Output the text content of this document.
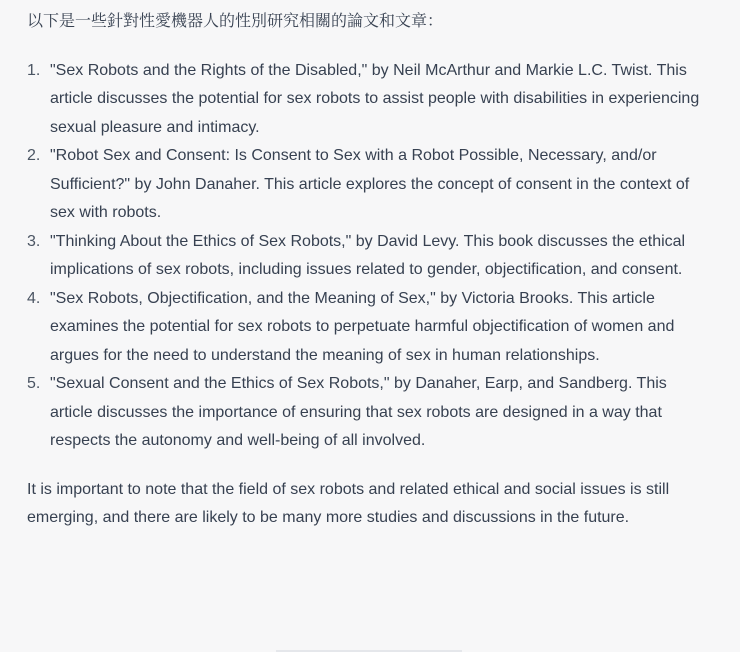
以下是一些針對性愛機器人的性別研究相關的論文和文章：

1. "Sex Robots and the Rights of the Disabled," by Neil McArthur and Markie L.C. Twist. This article discusses the potential for sex robots to assist people with disabilities in experiencing sexual pleasure and intimacy.
2. "Robot Sex and Consent: Is Consent to Sex with a Robot Possible, Necessary, and/or Sufficient?" by John Danaher. This article explores the concept of consent in the context of sex with robots.
3. "Thinking About the Ethics of Sex Robots," by David Levy. This book discusses the ethical implications of sex robots, including issues related to gender, objectification, and consent.
4. "Sex Robots, Objectification, and the Meaning of Sex," by Victoria Brooks. This article examines the potential for sex robots to perpetuate harmful objectification of women and argues for the need to understand the meaning of sex in human relationships.
5. "Sexual Consent and the Ethics of Sex Robots," by Danaher, Earp, and Sandberg. This article discusses the importance of ensuring that sex robots are designed in a way that respects the autonomy and well-being of all involved.

It is important to note that the field of sex robots and related ethical and social issues is still emerging, and there are likely to be many more studies and discussions in the future.
